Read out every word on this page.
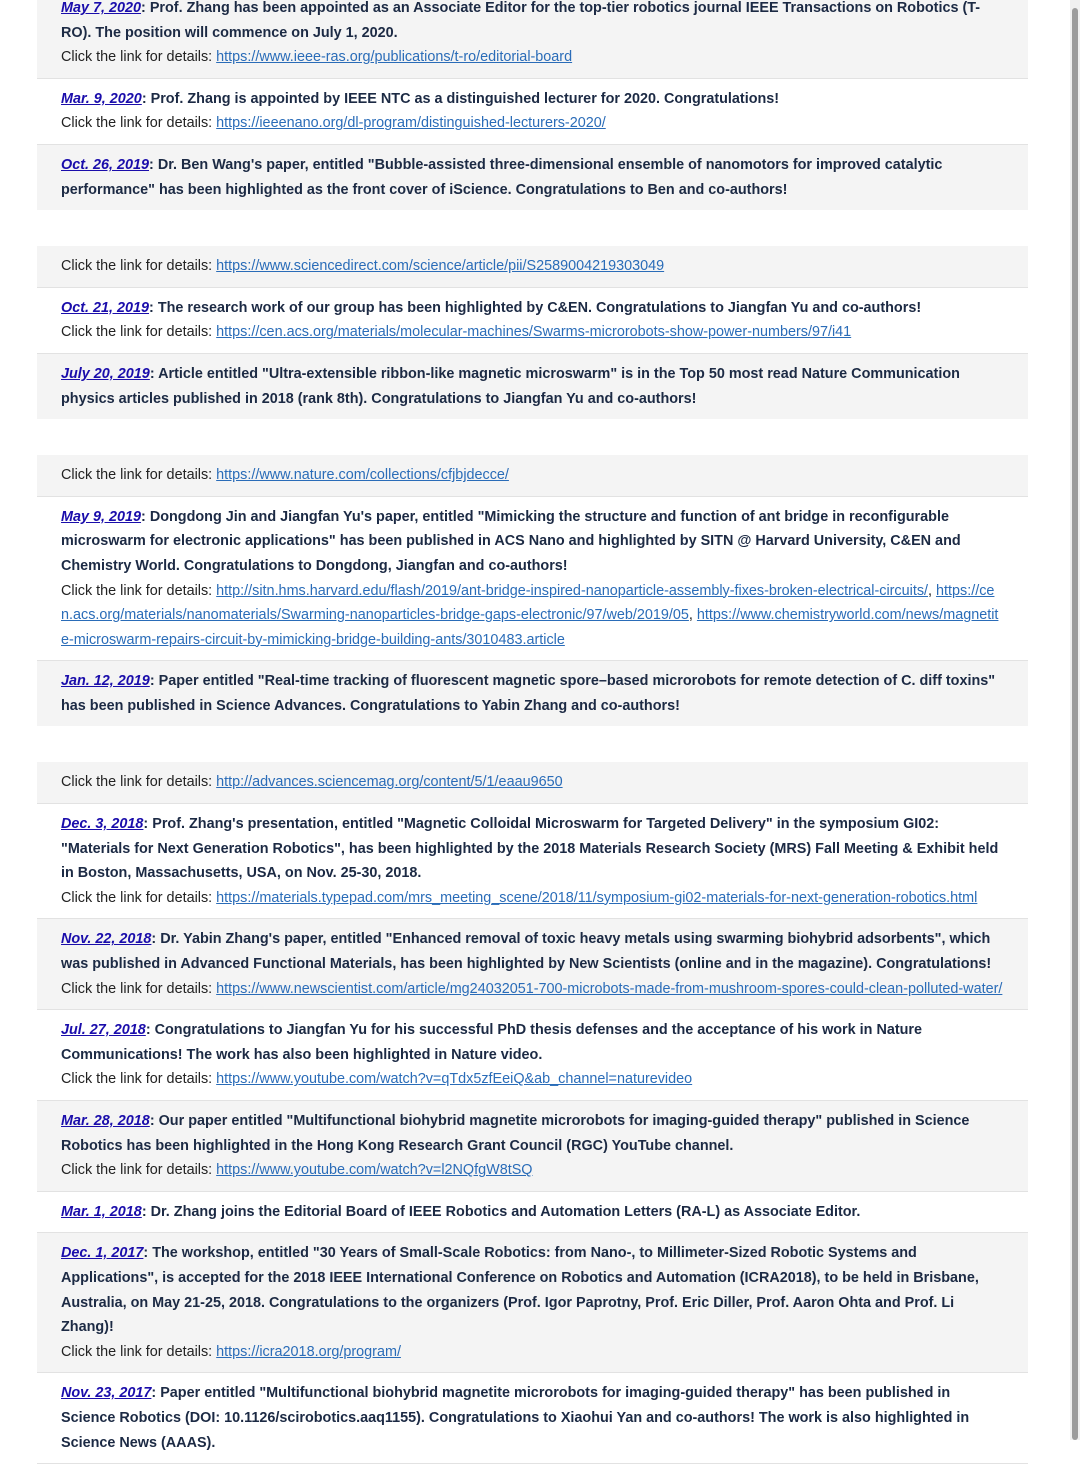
May 7, 2020: Prof. Zhang has been appointed as an Associate Editor for the top-tier robotics journal IEEE Transactions on Robotics (T-RO). The position will commence on July 1, 2020.
Click the link for details: https://www.ieee-ras.org/publications/t-ro/editorial-board
Mar. 9, 2020: Prof. Zhang is appointed by IEEE NTC as a distinguished lecturer for 2020. Congratulations!
Click the link for details: https://ieeenano.org/dl-program/distinguished-lecturers-2020/
Oct. 26, 2019: Dr. Ben Wang's paper, entitled "Bubble-assisted three-dimensional ensemble of nanomotors for improved catalytic performance" has been highlighted as the front cover of iScience. Congratulations to Ben and co-authors!
Click the link for details: https://www.sciencedirect.com/science/article/pii/S2589004219303049
Oct. 21, 2019: The research work of our group has been highlighted by C&EN. Congratulations to Jiangfan Yu and co-authors!
Click the link for details: https://cen.acs.org/materials/molecular-machines/Swarms-microrobots-show-power-numbers/97/i41
July 20, 2019: Article entitled "Ultra-extensible ribbon-like magnetic microswarm" is in the Top 50 most read Nature Communication physics articles published in 2018 (rank 8th). Congratulations to Jiangfan Yu and co-authors!
Click the link for details: https://www.nature.com/collections/cfjbjdecce/
May 9, 2019: Dongdong Jin and Jiangfan Yu's paper, entitled "Mimicking the structure and function of ant bridge in reconfigurable microswarm for electronic applications" has been published in ACS Nano and highlighted by SITN @ Harvard University, C&EN and Chemistry World. Congratulations to Dongdong, Jiangfan and co-authors!
Click the link for details: http://sitn.hms.harvard.edu/flash/2019/ant-bridge-inspired-nanoparticle-assembly-fixes-broken-electrical-circuits/, https://cen.acs.org/materials/nanomaterials/Swarming-nanoparticles-bridge-gaps-electronic/97/web/2019/05, https://www.chemistryworld.com/news/magnetite-microswarm-repairs-circuit-by-mimicking-bridge-building-ants/3010483.article
Jan. 12, 2019: Paper entitled "Real-time tracking of fluorescent magnetic spore–based microrobots for remote detection of C. diff toxins" has been published in Science Advances. Congratulations to Yabin Zhang and co-authors!
Click the link for details: http://advances.sciencemag.org/content/5/1/eaau9650
Dec. 3, 2018: Prof. Zhang's presentation, entitled "Magnetic Colloidal Microswarm for Targeted Delivery" in the symposium GI02: "Materials for Next Generation Robotics", has been highlighted by the 2018 Materials Research Society (MRS) Fall Meeting & Exhibit held in Boston, Massachusetts, USA, on Nov. 25-30, 2018.
Click the link for details: https://materials.typepad.com/mrs_meeting_scene/2018/11/symposium-gi02-materials-for-next-generation-robotics.html
Nov. 22, 2018: Dr. Yabin Zhang's paper, entitled "Enhanced removal of toxic heavy metals using swarming biohybrid adsorbents", which was published in Advanced Functional Materials, has been highlighted by New Scientists (online and in the magazine). Congratulations!
Click the link for details: https://www.newscientist.com/article/mg24032051-700-microbots-made-from-mushroom-spores-could-clean-polluted-water/
Jul. 27, 2018: Congratulations to Jiangfan Yu for his successful PhD thesis defenses and the acceptance of his work in Nature Communications! The work has also been highlighted in Nature video.
Click the link for details: https://www.youtube.com/watch?v=qTdx5zfEeiQ&ab_channel=naturevideo
Mar. 28, 2018: Our paper entitled "Multifunctional biohybrid magnetite microrobots for imaging-guided therapy" published in Science Robotics has been highlighted in the Hong Kong Research Grant Council (RGC) YouTube channel.
Click the link for details: https://www.youtube.com/watch?v=l2NQfgW8tSQ
Mar. 1, 2018: Dr. Zhang joins the Editorial Board of IEEE Robotics and Automation Letters (RA-L) as Associate Editor.
Dec. 1, 2017: The workshop, entitled "30 Years of Small-Scale Robotics: from Nano-, to Millimeter-Sized Robotic Systems and Applications", is accepted for the 2018 IEEE International Conference on Robotics and Automation (ICRA2018), to be held in Brisbane, Australia, on May 21-25, 2018. Congratulations to the organizers (Prof. Igor Paprotny, Prof. Eric Diller, Prof. Aaron Ohta and Prof. Li Zhang)!
Click the link for details: https://icra2018.org/program/
Nov. 23, 2017: Paper entitled "Multifunctional biohybrid magnetite microrobots for imaging-guided therapy" has been published in Science Robotics (DOI: 10.1126/scirobotics.aaq1155). Congratulations to Xiaohui Yan and co-authors! The work is also highlighted in Science News (AAAS).
